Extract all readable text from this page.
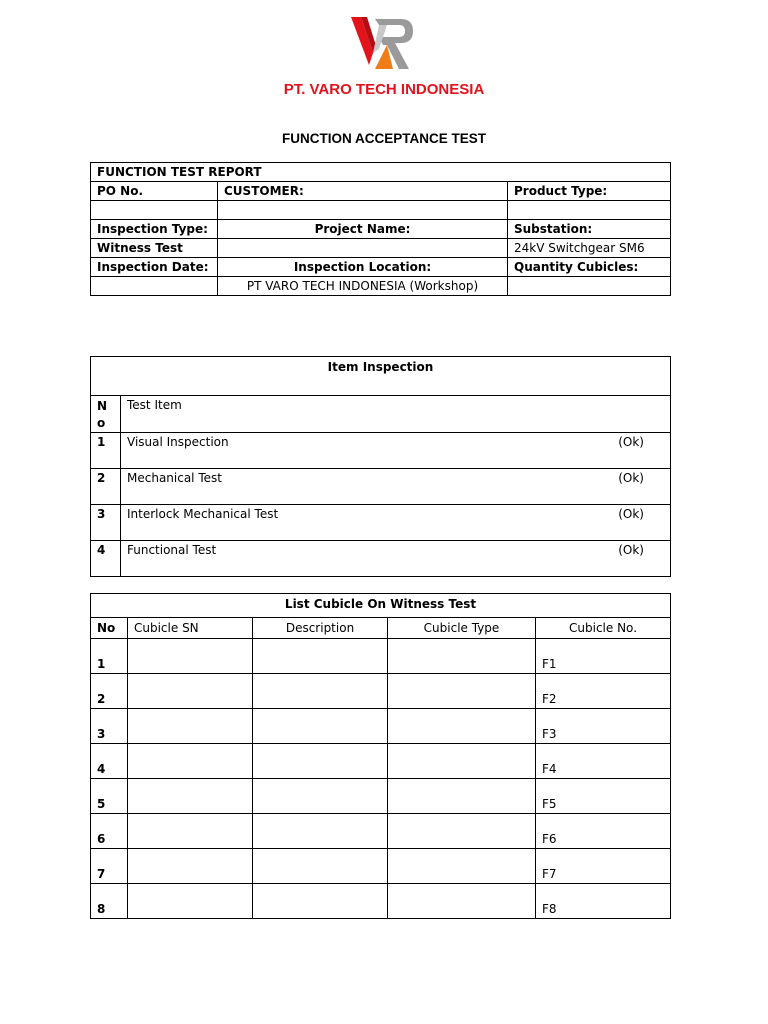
PT. VARO TECH INDONESIA
FUNCTION ACCEPTANCE TEST
FUNCTION TEST REPORT		
PO No.	CUSTOMER:	Product Type:

Inspection Type:	Project Name:	Substation:
Witness Test		24kV Switchgear SM6
Inspection Date:	Inspection Location:	Quantity Cubicles:
	PT VARO TECH INDONESIA (Workshop)	
Item Inspection	
N o	Test Item
1	Visual Inspection (Ok)

2	Mechanical Test (Ok)

3	Interlock Mechanical Test (Ok)

4	Functional Test (Ok)
List Cubicle On Witness Test				
No	Cubicle SN	Description	Cubicle Type	Cubicle No.
1				F1
2				F2
3				F3
4				F4
5				F5
6				F6
7				F7
8				F8
